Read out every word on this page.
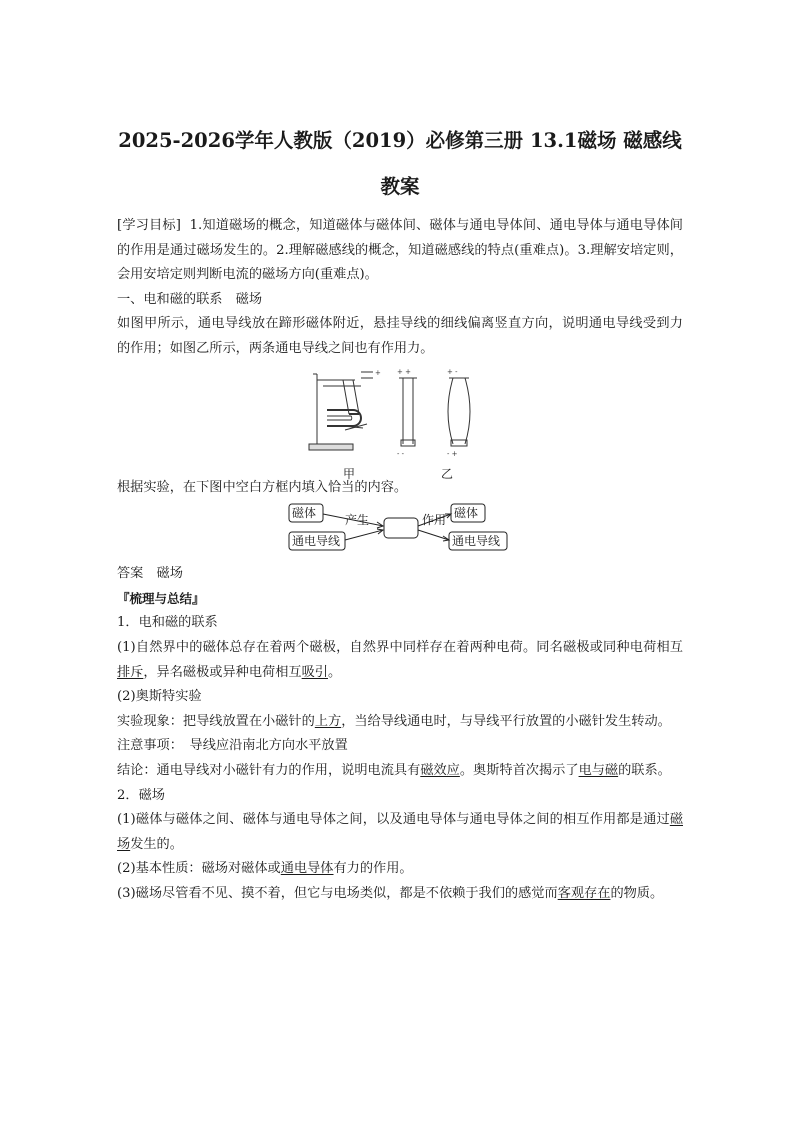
2025-2026学年人教版（2019）必修第三册 13.1磁场 磁感线 教案

[学习目标] 1.知道磁场的概念，知道磁体与磁体间、磁体与通电导体间、通电导体与通电导体间的作用是通过磁场发生的。2.理解磁感线的概念，知道磁感线的特点(重难点)。3.理解安培定则，会用安培定则判断电流的磁场方向(重难点)。

一、电和磁的联系　磁场

如图甲所示，通电导线放在蹄形磁体附近，悬挂导线的细线偏离竖直方向，说明通电导线受到力的作用；如图乙所示，两条通电导线之间也有作用力。

+ + +
- -
+ -
- +
甲	乙

根据实验，在下图中空白方框内填入恰当的内容。

磁体
通电导线
产生	作用 磁体
通电导线

答案　磁场

『梳理与总结』

1．电和磁的联系

(1)自然界中的磁体总存在着两个磁极，自然界中同样存在着两种电荷。同名磁极或同种电荷相互排斥，异名磁极或异种电荷相互吸引。

(2)奥斯特实验

实验现象：把导线放置在小磁针的上方，当给导线通电时，与导线平行放置的小磁针发生转动。

注意事项：　导线应沿南北方向水平放置

结论：通电导线对小磁针有力的作用，说明电流具有磁效应。奥斯特首次揭示了电与磁的联系。

2．磁场

(1)磁体与磁体之间、磁体与通电导体之间，以及通电导体与通电导体之间的相互作用都是通过磁场发生的。

(2)基本性质：磁场对磁体或通电导体有力的作用。

(3)磁场尽管看不见、摸不着，但它与电场类似，都是不依赖于我们的感觉而客观存在的物质。
